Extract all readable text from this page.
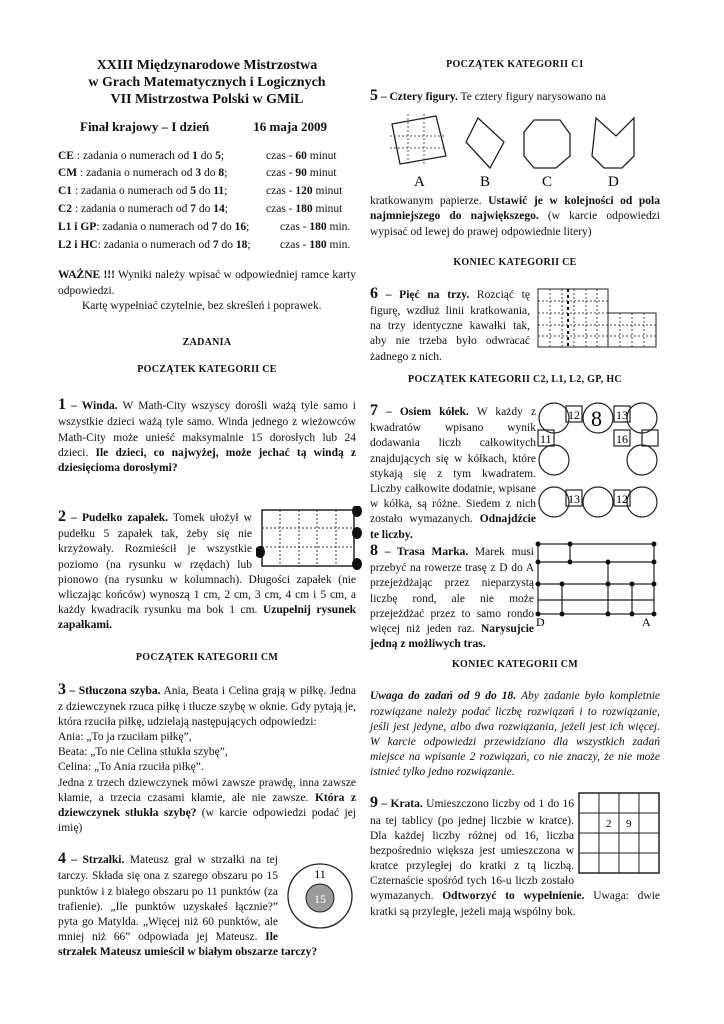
XXIII Międzynarodowe Mistrzostwa
w Grach Matematycznych i Logicznych
VII Mistrzostwa Polski w GMiL
Finał krajowy – I dzień	16 maja 2009
CE : zadania o numerach od 1 do 5;	czas - 60 minut
CM : zadania o numerach od 3 do 8;	czas - 90 minut
C1 : zadania o numerach od 5 do 11;	czas - 120 minut
C2 : zadania o numerach od 7 do 14;	czas - 180 minut
L1 i GP: zadania o numerach od 7 do 16;	czas - 180 min.
L2 i HC: zadania o numerach od 7 do 18;	czas - 180 min.

WAŻNE !!! Wyniki należy wpisać w odpowiedniej ramce karty odpowiedzi.

Kartę wypełniać czytelnie, bez skreśleń i poprawek.

ZADANIA
POCZĄTEK KATEGORII CE

1 – Winda. W Math-City wszyscy dorośli ważą tyle samo i wszystkie dzieci ważą tyle samo. Winda jednego z wieżowców Math-City może unieść maksymalnie 15 dorosłych lub 24 dzieci. Ile dzieci, co najwyżej, może jechać tą windą z dziesięcioma dorosłymi?

2 – Pudełko zapałek. Tomek ułożył w pudełku 5 zapałek tak, żeby się nie krzyżowały. Rozmieścił je wszystkie poziomo (na rysunku w rzędach) lub pionowo (na rysunku w kolumnach). Długości zapałek (nie wliczając końców) wynoszą 1 cm, 2 cm, 3 cm, 4 cm i 5 cm, a każdy kwadracik rysunku ma bok 1 cm. Uzupełnij rysunek zapałkami.

POCZĄTEK KATEGORII CM

3 – Stłuczona szyba. Ania, Beata i Celina grają w piłkę. Jedna z dziewczynek rzuca piłkę i tłucze szybę w oknie. Gdy pytają je, która rzuciła piłkę, udzielają następujących odpowiedzi:

Ania: „To ja rzuciłam piłkę”,

Beata: „To nie Celina stłukła szybę”,

Celina: „To Ania rzuciła piłkę”.

Jedna z trzech dziewczynek mówi zawsze prawdę, inna zawsze kłamie, a trzecia czasami kłamie, ale nie zawsze. Która z dziewczynek stłukła szybę? (w karcie odpowiedzi podać jej imię)

11
15

4 – Strzałki. Mateusz grał w strzałki na tej tarczy. Składa się ona z szarego obszaru po 15 punktów i z białego obszaru po 11 punktów (za trafienie). „Ile punktów uzyskałeś łącznie?” pyta go Matylda. „Więcej niż 60 punktów, ale mniej niż 66” odpowiada jej Mateusz. Ile strzałek Mateusz umieścił w białym obszarze tarczy?

POCZĄTEK KATEGORII C1

5 – Cztery figury. Te cztery figury narysowano na

A	B	C	D

kratkowanym papierze. Ustawić je w kolejności od pola najmniejszego do największego. (w karcie odpowiedzi wypisać od lewej do prawej odpowiednie litery)

KONIEC KATEGORII CE

6 – Pięć na trzy. Rozciąć tę figurę, wzdłuż linii kratkowania, na trzy identyczne kawałki tak, aby nie trzeba było odwracać żadnego z nich.

POCZĄTEK KATEGORII C2, L1, L2, GP, HC
12 8 13
11	16
13	12

7 – Osiem kółek. W każdy z kwadratów wpisano wynik dodawania liczb całkowitych znajdujących się w kółkach, które stykają się z tym kwadratem. Liczby całkowite dodatnie, wpisane w kółka, są różne. Siedem z nich zostało wymazanych. Odnajdźcie te liczby.

D	A

8 – Trasa Marka. Marek musi przebyć na rowerze trasę z D do A przejeżdżając przez nieparzystą liczbę rond, ale nie może przejeżdżać przez to samo rondo więcej niż jeden raz. Narysujcie jedną z możliwych tras.

KONIEC KATEGORII CM

Uwaga do zadań od 9 do 18. Aby zadanie było kompletnie rozwiązane należy podać liczbę rozwiązań i to rozwiązanie, jeśli jest jedyne, albo dwa rozwiązania, jeżeli jest ich więcej. W karcie odpowiedzi przewidziano dla wszystkich zadań miejsce na wpisanie 2 rozwiązań, co nie znaczy, że nie może istnieć tylko jedno rozwiązanie.

2 9

9 – Krata. Umieszczono liczby od 1 do 16 na tej tablicy (po jednej liczbie w kratce). Dla każdej liczby różnej od 16, liczba bezpośrednio większa jest umieszczona w kratce przyległej do kratki z tą liczbą. Czternaście spośród tych 16-u liczb zostało wymazanych. Odtworzyć to wypełnienie. Uwaga: dwie kratki są przyległe, jeżeli mają wspólny bok.
